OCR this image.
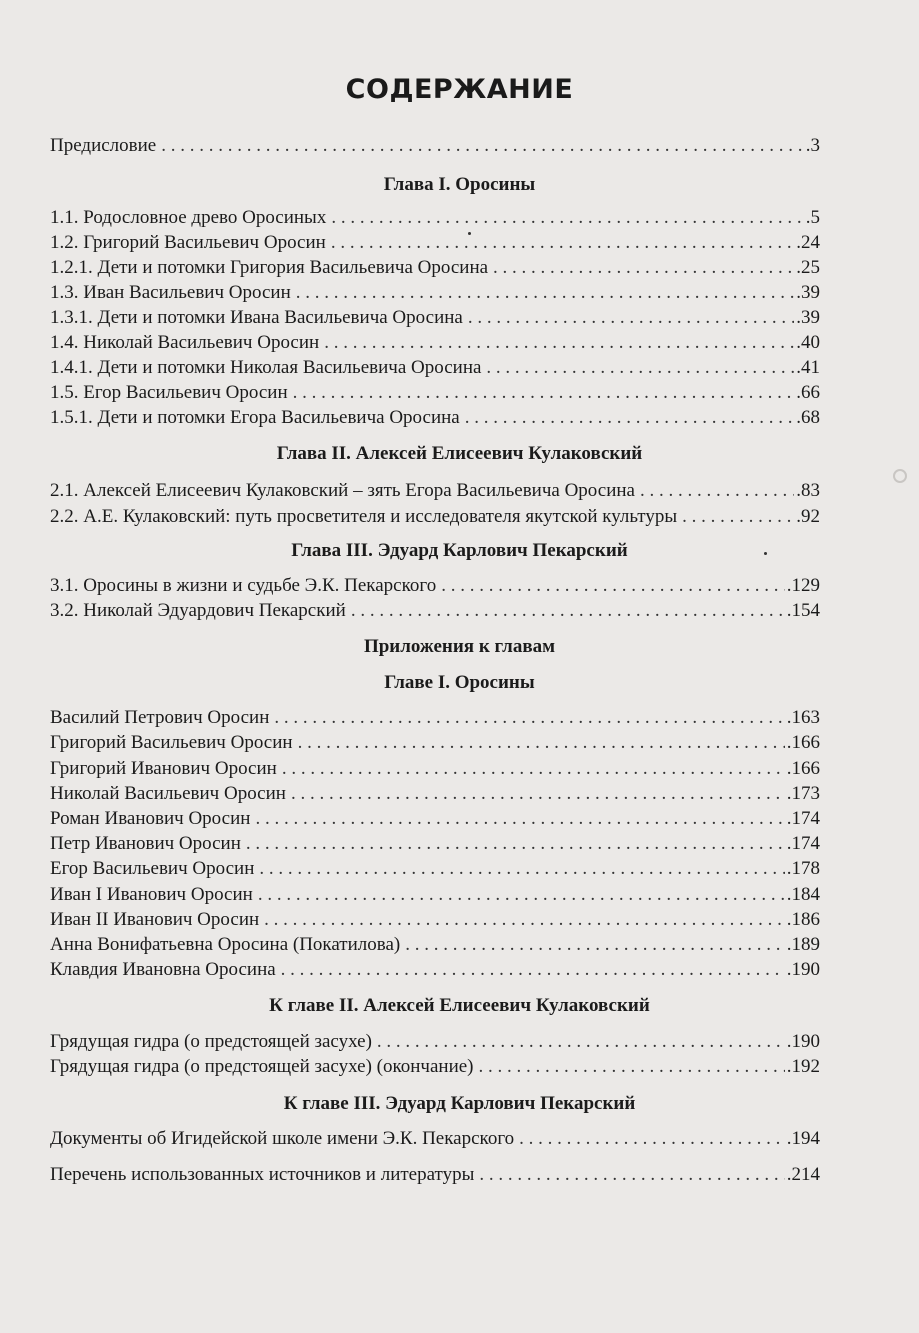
СОДЕРЖАНИЕ
Предисловие . . .	.3
Глава I. Оросины
1.1. Родословное древо Оросиных . . .	.5
1.2. Григорий Васильевич Оросин . . .	.24
1.2.1. Дети и потомки Григория Васильевича Оросина . . .	.25
1.3. Иван Васильевич Оросин . . .	.39
1.3.1. Дети и потомки Ивана Васильевича Оросина . . .	.39
1.4. Николай Васильевич Оросин . . .	.40
1.4.1. Дети и потомки Николая Васильевича Оросина . . .	.41
1.5. Егор Васильевич Оросин . . .	.66
1.5.1. Дети и потомки Егора Васильевича Оросина . . .	.68
Глава II. Алексей Елисеевич Кулаковский
2.1. Алексей Елисеевич Кулаковский – зять Егора Васильевича Оросина . . .	.83
2.2. А.Е. Кулаковский: путь просветителя и исследователя якутской культуры . . .	.92
Глава III. Эдуард Карлович Пекарский
3.1. Оросины в жизни и судьбе Э.К. Пекарского . . .	.129
3.2. Николай Эдуардович Пекарский . . .	.154
Приложения к главам
Главе I. Оросины
Василий Петрович Оросин . . .	.163
Григорий Васильевич Оросин . . .	.166
Григорий Иванович Оросин . . .	.166
Николай Васильевич Оросин . . .	.173
Роман Иванович Оросин . . .	.174
Петр Иванович Оросин . . .	.174
Егор Васильевич Оросин . . .	.178
Иван I Иванович Оросин . . .	.184
Иван II Иванович Оросин . . .	.186
Анна Вонифатьевна Оросина (Покатилова) . . .	.189
Клавдия Ивановна Оросина . . .	.190
К главе II. Алексей Елисеевич Кулаковский
Грядущая гидра (о предстоящей засухе) . . .	.190
Грядущая гидра (о предстоящей засухе) (окончание) . . .	.192
К главе III. Эдуард Карлович Пекарский
Документы об Игидейской школе имени Э.К. Пекарского . . .	.194
Перечень использованных источников и литературы . . .	.214
